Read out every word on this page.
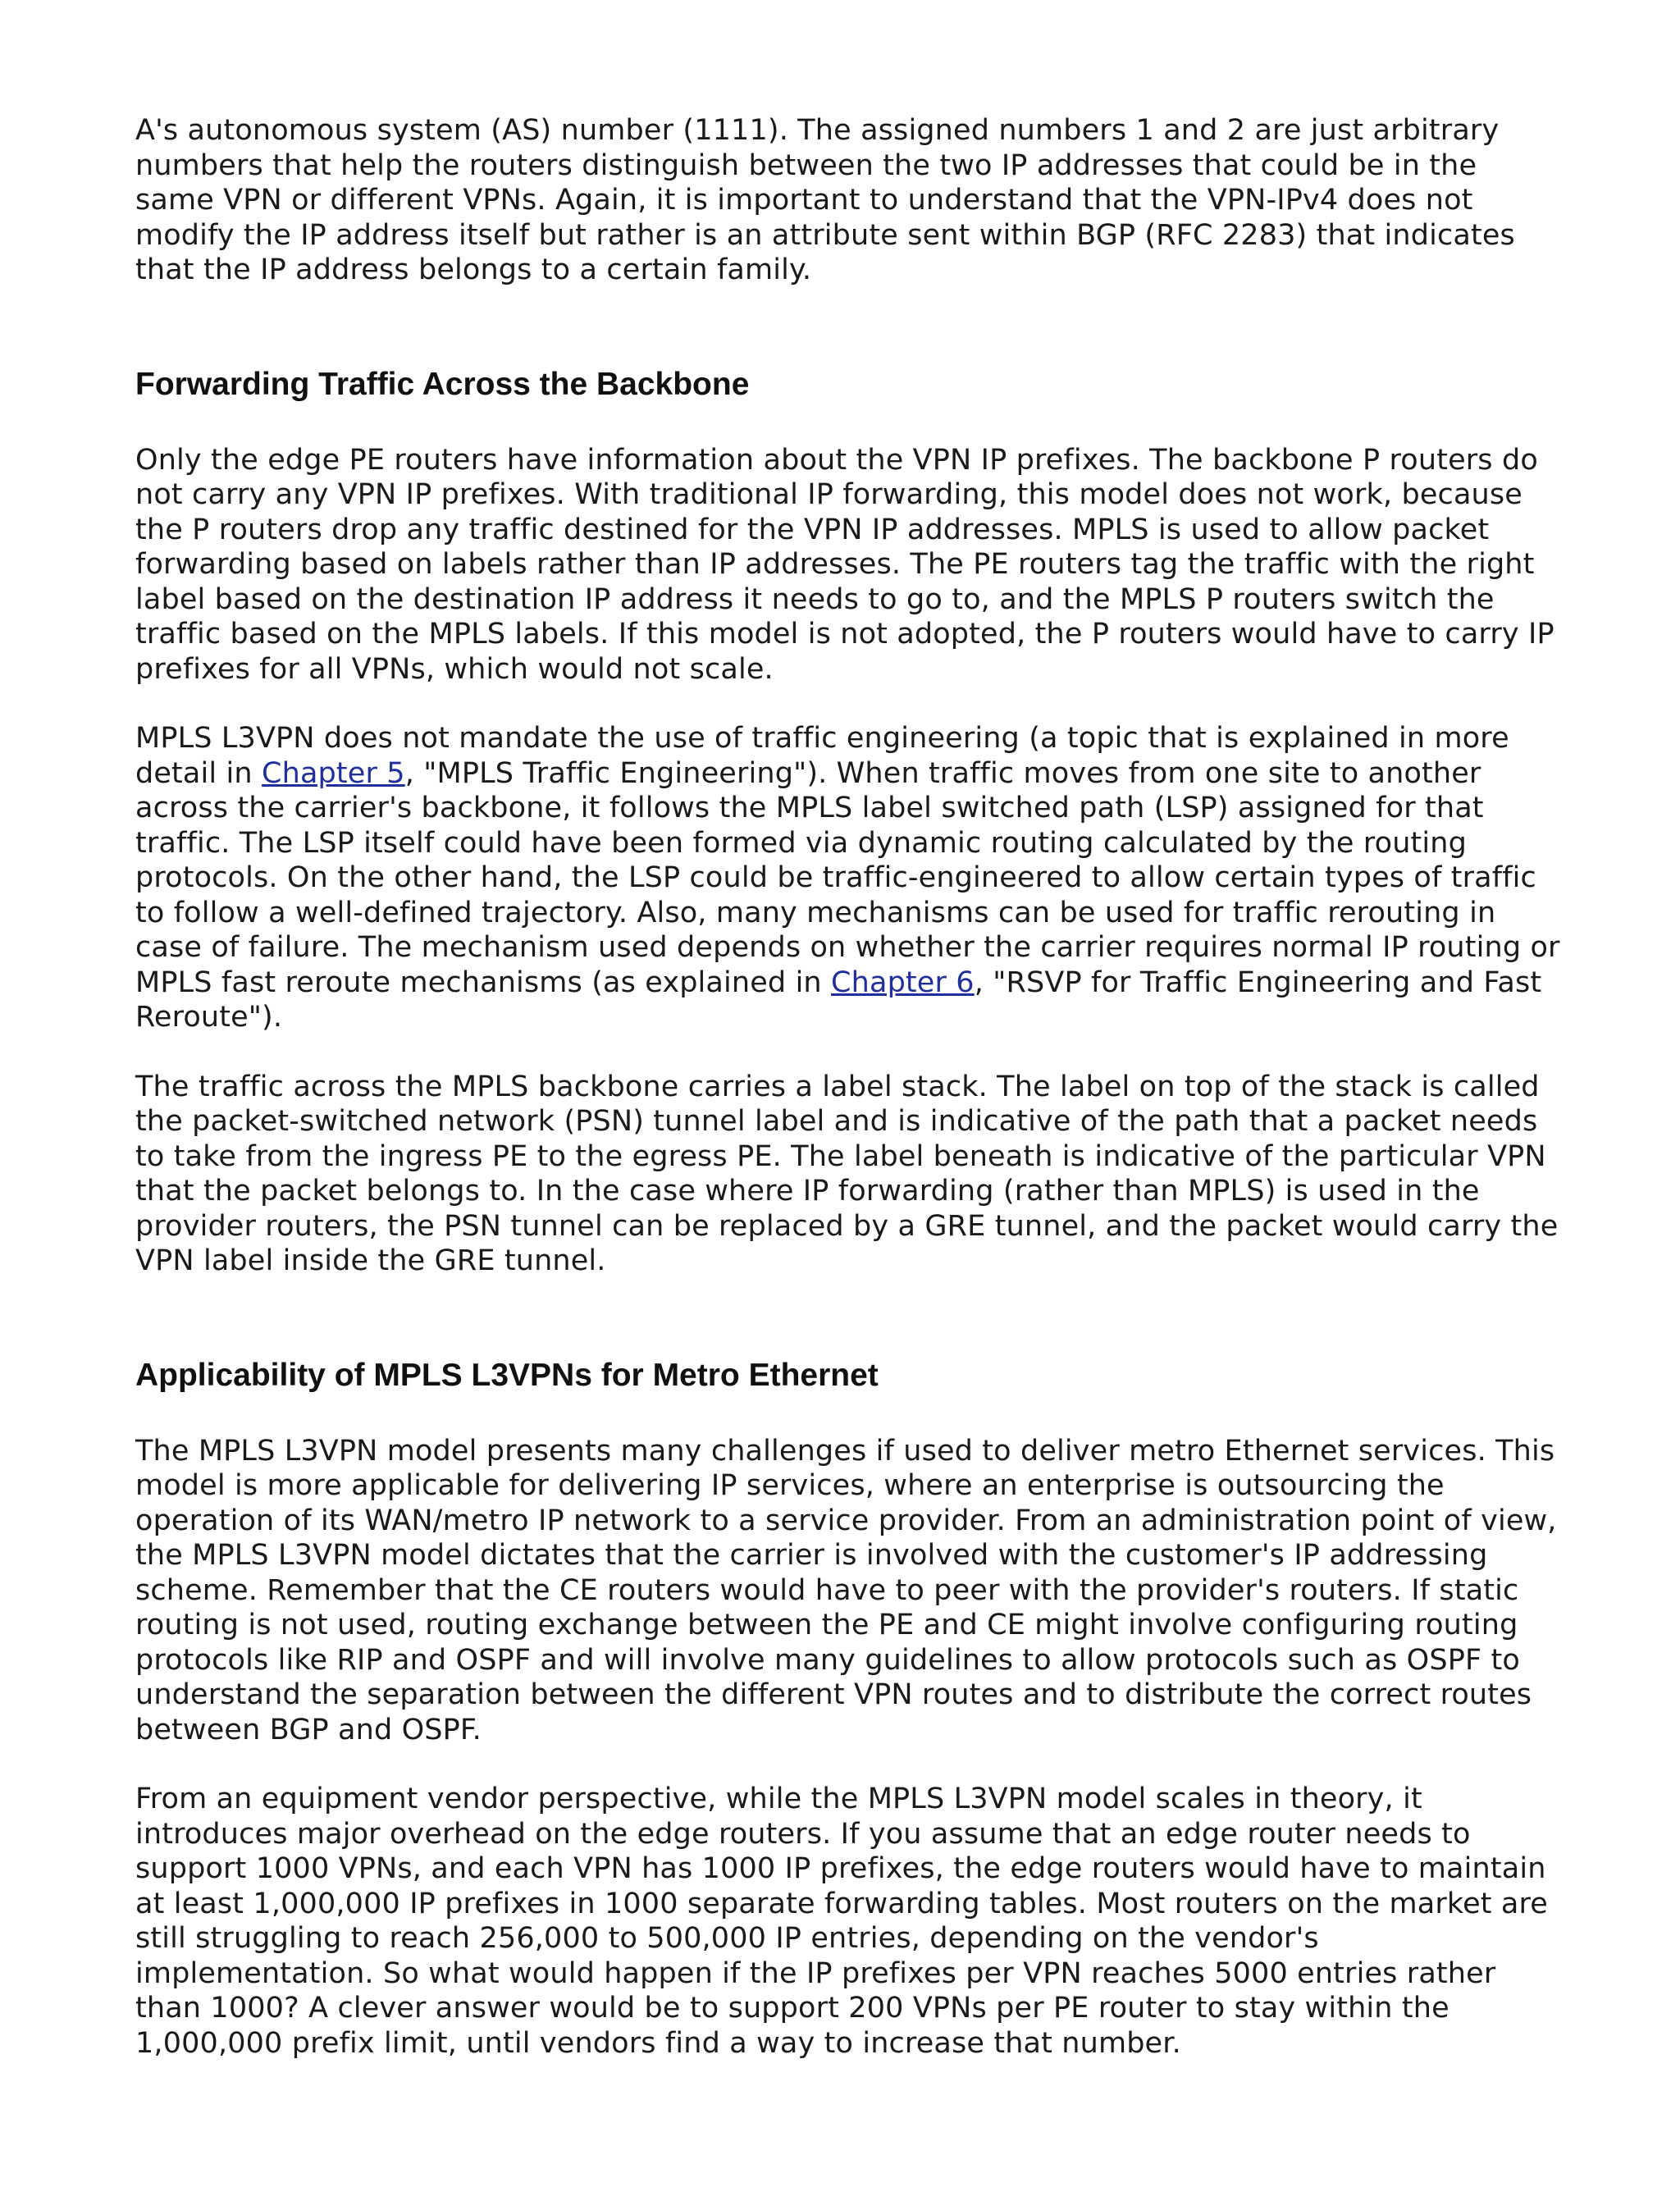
A's autonomous system (AS) number (1111). The assigned numbers 1 and 2 are just arbitrary numbers that help the routers distinguish between the two IP addresses that could be in the same VPN or different VPNs. Again, it is important to understand that the VPN-IPv4 does not modify the IP address itself but rather is an attribute sent within BGP (RFC 2283) that indicates that the IP address belongs to a certain family.

Forwarding Traffic Across the Backbone

Only the edge PE routers have information about the VPN IP prefixes. The backbone P routers do not carry any VPN IP prefixes. With traditional IP forwarding, this model does not work, because the P routers drop any traffic destined for the VPN IP addresses. MPLS is used to allow packet forwarding based on labels rather than IP addresses. The PE routers tag the traffic with the right label based on the destination IP address it needs to go to, and the MPLS P routers switch the traffic based on the MPLS labels. If this model is not adopted, the P routers would have to carry IP prefixes for all VPNs, which would not scale.

MPLS L3VPN does not mandate the use of traffic engineering (a topic that is explained in more detail in Chapter 5, "MPLS Traffic Engineering"). When traffic moves from one site to another across the carrier's backbone, it follows the MPLS label switched path (LSP) assigned for that traffic. The LSP itself could have been formed via dynamic routing calculated by the routing protocols. On the other hand, the LSP could be traffic-engineered to allow certain types of traffic to follow a well-defined trajectory. Also, many mechanisms can be used for traffic rerouting in case of failure. The mechanism used depends on whether the carrier requires normal IP routing or MPLS fast reroute mechanisms (as explained in Chapter 6, "RSVP for Traffic Engineering and Fast Reroute").

The traffic across the MPLS backbone carries a label stack. The label on top of the stack is called the packet-switched network (PSN) tunnel label and is indicative of the path that a packet needs to take from the ingress PE to the egress PE. The label beneath is indicative of the particular VPN that the packet belongs to. In the case where IP forwarding (rather than MPLS) is used in the provider routers, the PSN tunnel can be replaced by a GRE tunnel, and the packet would carry the VPN label inside the GRE tunnel.

Applicability of MPLS L3VPNs for Metro Ethernet

The MPLS L3VPN model presents many challenges if used to deliver metro Ethernet services. This model is more applicable for delivering IP services, where an enterprise is outsourcing the operation of its WAN/metro IP network to a service provider. From an administration point of view, the MPLS L3VPN model dictates that the carrier is involved with the customer's IP addressing scheme. Remember that the CE routers would have to peer with the provider's routers. If static routing is not used, routing exchange between the PE and CE might involve configuring routing protocols like RIP and OSPF and will involve many guidelines to allow protocols such as OSPF to understand the separation between the different VPN routes and to distribute the correct routes between BGP and OSPF.

From an equipment vendor perspective, while the MPLS L3VPN model scales in theory, it introduces major overhead on the edge routers. If you assume that an edge router needs to support 1000 VPNs, and each VPN has 1000 IP prefixes, the edge routers would have to maintain at least 1,000,000 IP prefixes in 1000 separate forwarding tables. Most routers on the market are still struggling to reach 256,000 to 500,000 IP entries, depending on the vendor's implementation. So what would happen if the IP prefixes per VPN reaches 5000 entries rather than 1000? A clever answer would be to support 200 VPNs per PE router to stay within the 1,000,000 prefix limit, until vendors find a way to increase that number.
